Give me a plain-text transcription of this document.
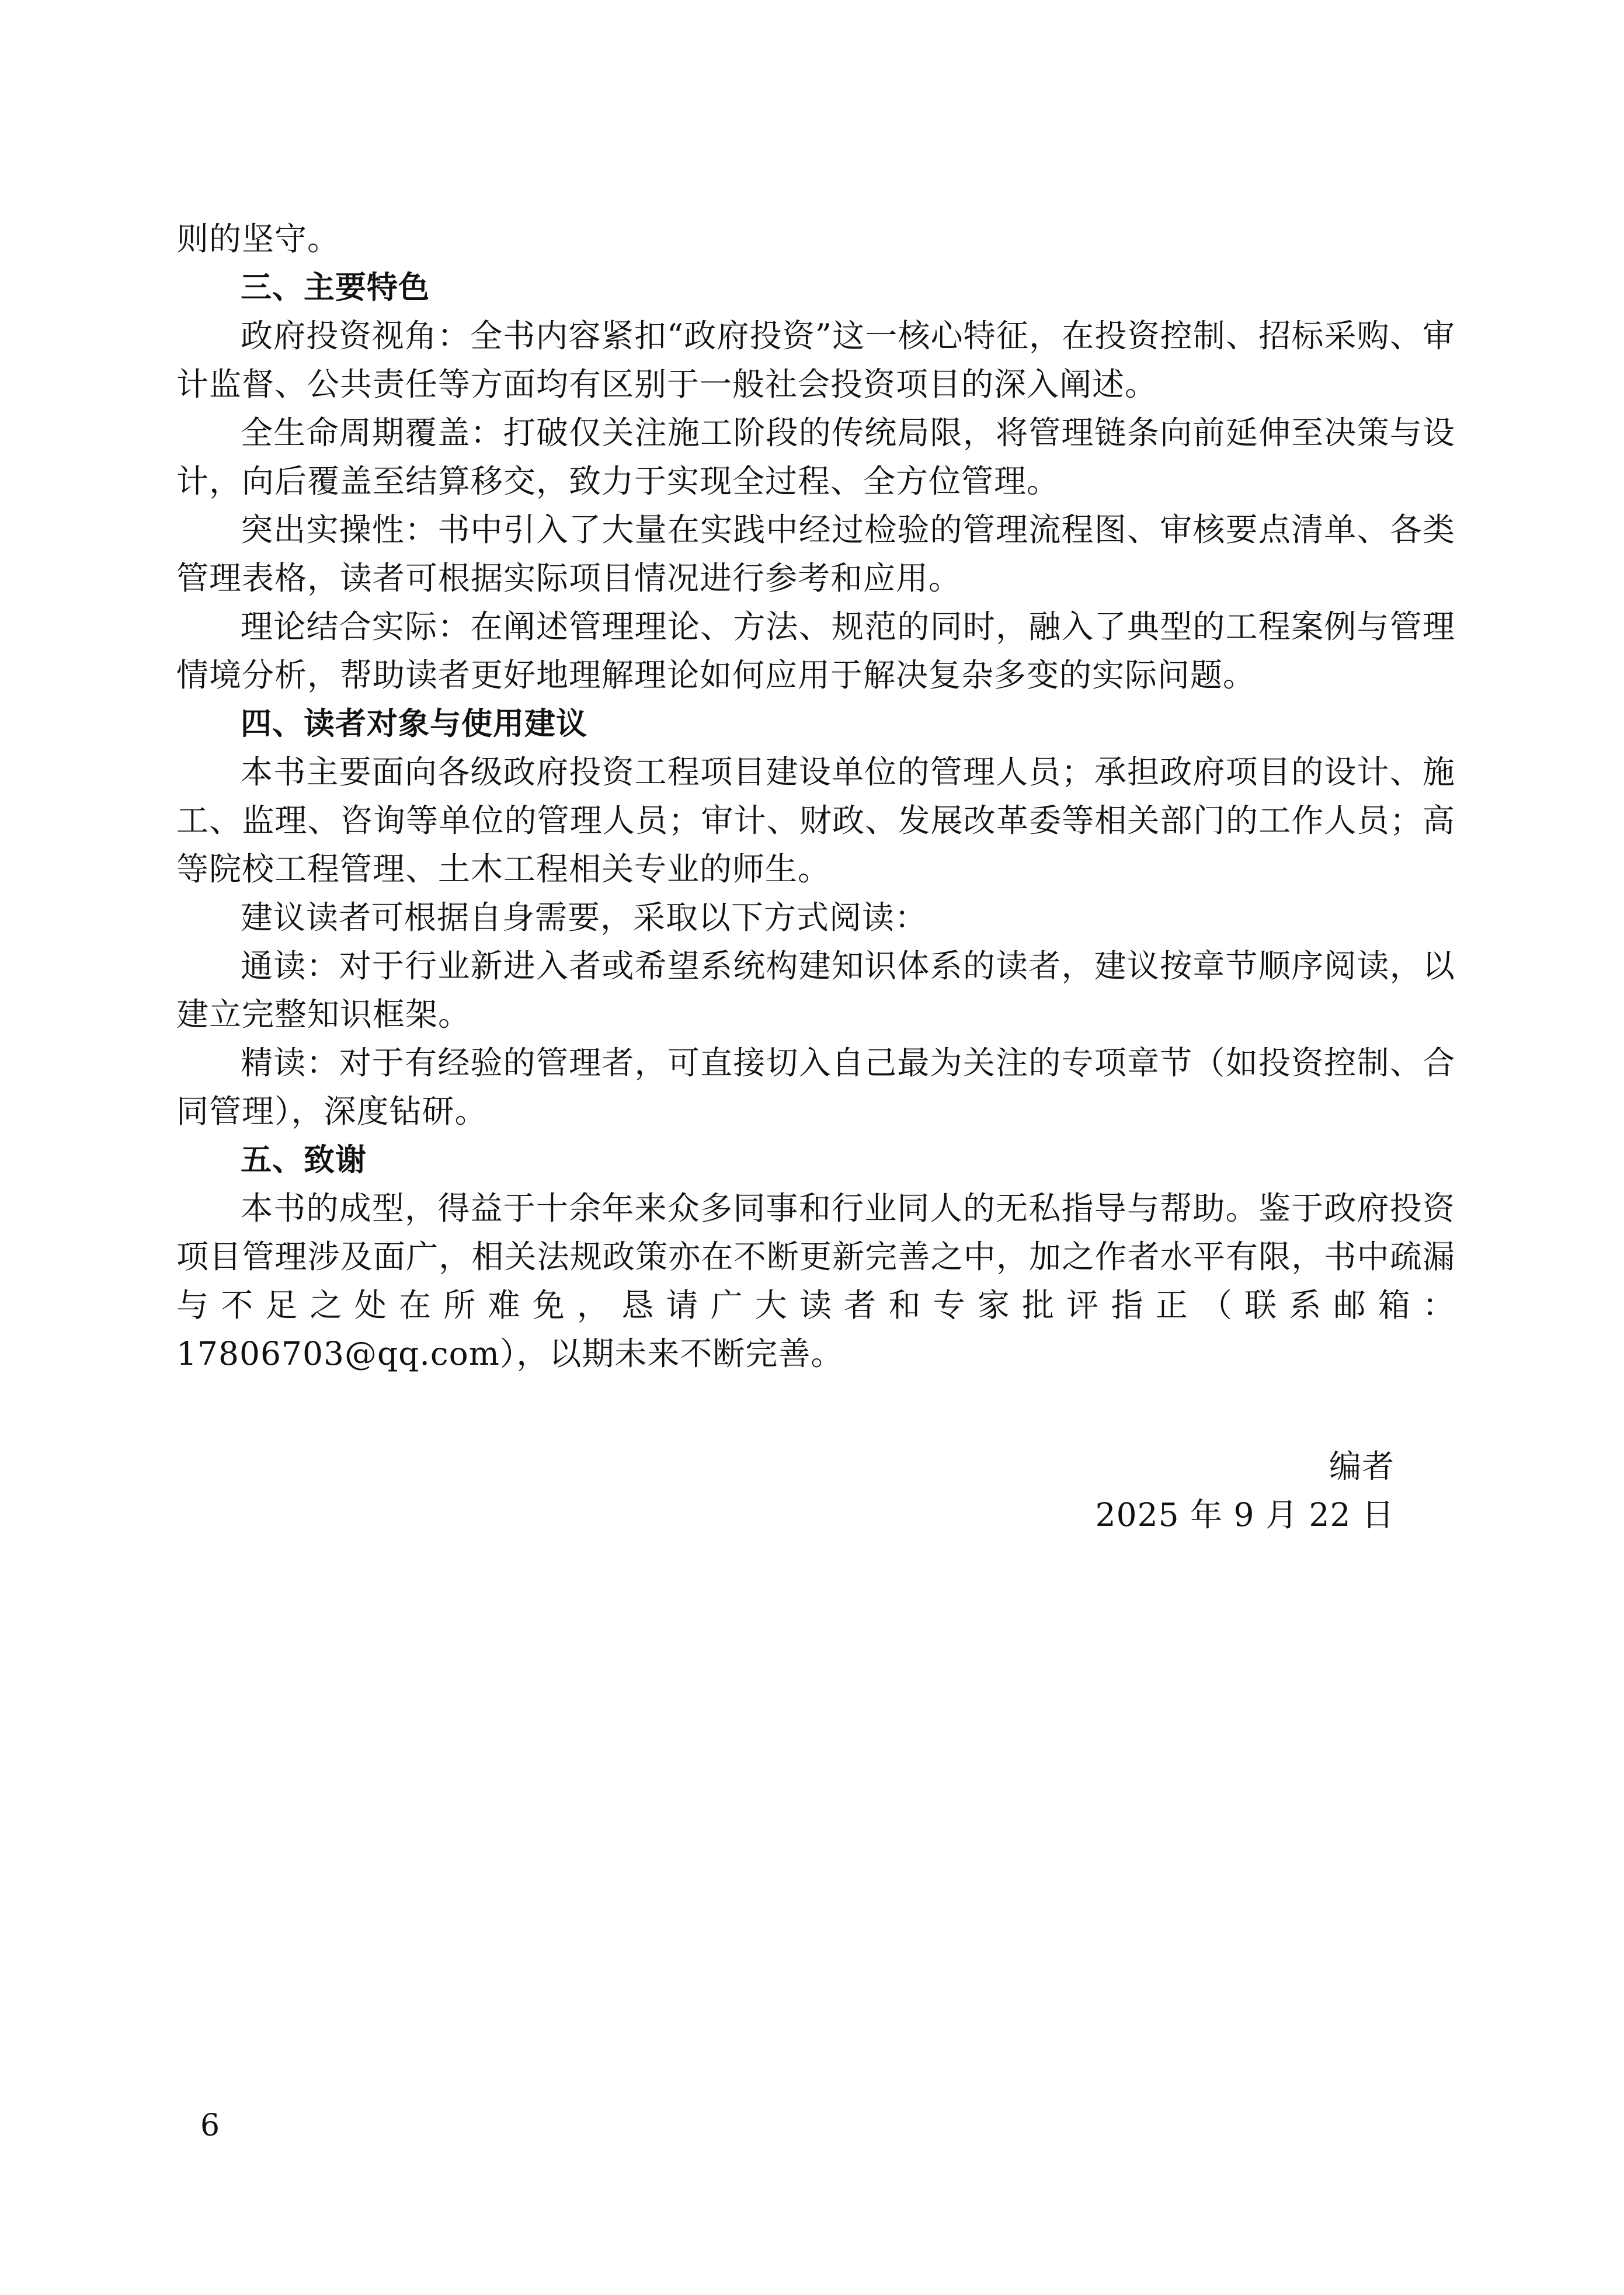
则的坚守。

三、主要特色

政府投资视角：全书内容紧扣“政府投资”这一核心特征，在投资控制、招标采购、审计监督、公共责任等方面均有区别于一般社会投资项目的深入阐述。

全生命周期覆盖：打破仅关注施工阶段的传统局限，将管理链条向前延伸至决策与设计，向后覆盖至结算移交，致力于实现全过程、全方位管理。

突出实操性：书中引入了大量在实践中经过检验的管理流程图、审核要点清单、各类管理表格，读者可根据实际项目情况进行参考和应用。

理论结合实际：在阐述管理理论、方法、规范的同时，融入了典型的工程案例与管理情境分析，帮助读者更好地理解理论如何应用于解决复杂多变的实际问题。

四、读者对象与使用建议

本书主要面向各级政府投资工程项目建设单位的管理人员；承担政府项目的设计、施工、监理、咨询等单位的管理人员；审计、财政、发展改革委等相关部门的工作人员；高等院校工程管理、土木工程相关专业的师生。

建议读者可根据自身需要，采取以下方式阅读：

通读：对于行业新进入者或希望系统构建知识体系的读者，建议按章节顺序阅读，以建立完整知识框架。

精读：对于有经验的管理者，可直接切入自己最为关注的专项章节（如投资控制、合同管理），深度钻研。

五、致谢

本书的成型，得益于十余年来众多同事和行业同人的无私指导与帮助。鉴于政府投资项目管理涉及面广，相关法规政策亦在不断更新完善之中，加之作者水平有限，书中疏漏与不足之处在所难免，恳请广大读者和专家批评指正（联系邮箱：17806703@qq.com），以期未来不断完善。

编者
2025 年 9 月 22 日
6
